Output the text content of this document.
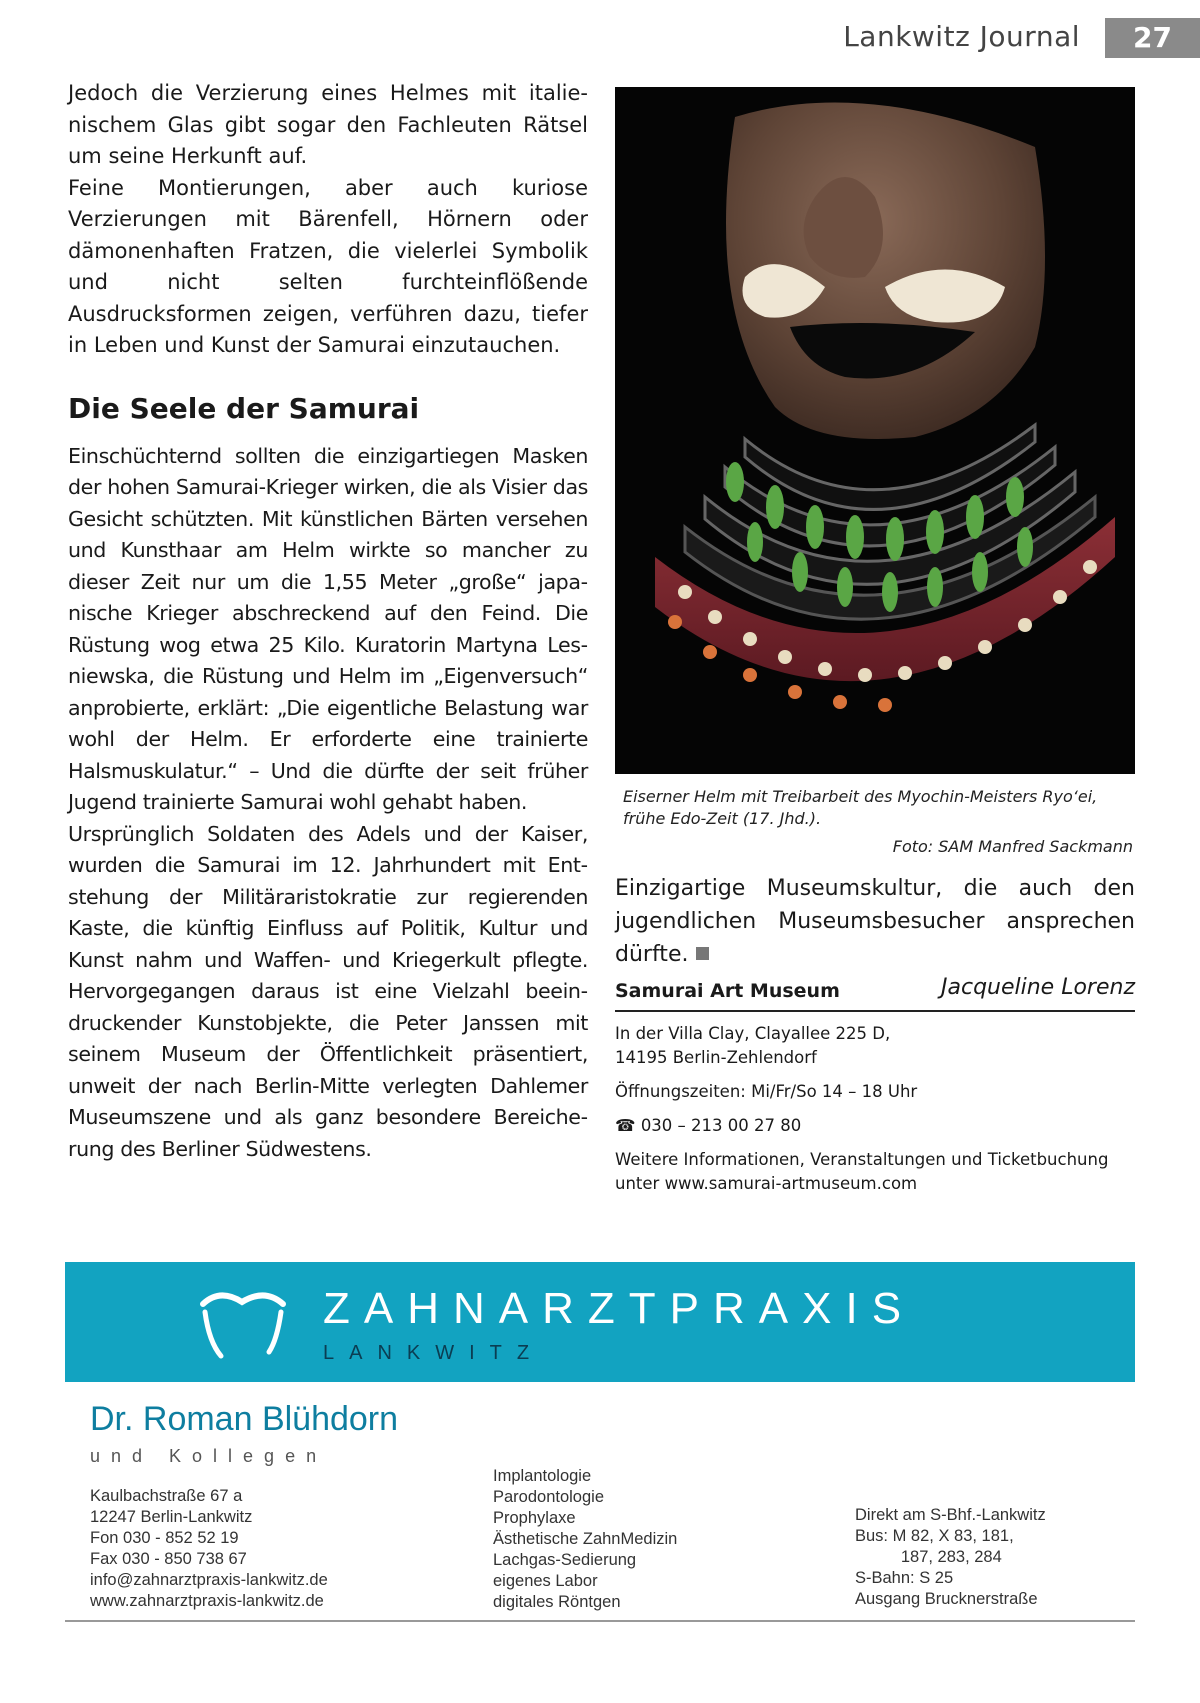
Lankwitz Journal	27

Jedoch die Verzierung eines Helmes mit italienischem Glas gibt sogar den Fachleuten Rätsel um seine Herkunft auf.

Feine Montierungen, aber auch kuriose Verzierungen mit Bärenfell, Hörnern oder dämonenhaften Fratzen, die vielerlei Symbolik und nicht selten furchteinflößende Ausdrucksformen zeigen, verführen dazu, tiefer in Leben und Kunst der Samurai einzutauchen.

Die Seele der Samurai

Einschüchternd sollten die einzigartiegen Masken der hohen Samurai-Krieger wirken, die als Visier das Gesicht schützten. Mit künstlichen Bärten versehen und Kunsthaar am Helm wirkte so mancher zu dieser Zeit nur um die 1,55 Meter „große“ japanische Krieger abschreckend auf den Feind. Die Rüstung wog etwa 25 Kilo. Kuratorin Martyna Lesniewska, die Rüstung und Helm im „Eigenversuch“ anprobierte, erklärt: „Die eigentliche Belastung war wohl der Helm. Er erforderte eine trainierte Halsmuskulatur.“ – Und die dürfte der seit früher Jugend trainierte Samurai wohl gehabt haben.

Ursprünglich Soldaten des Adels und der Kaiser, wurden die Samurai im 12. Jahrhundert mit Entstehung der Militäraristokratie zur regierenden Kaste, die künftig Einfluss auf Politik, Kultur und Kunst nahm und Waffen- und Kriegerkult pflegte. Hervorgegangen daraus ist eine Vielzahl beeindruckender Kunstobjekte, die Peter Janssen mit seinem Museum der Öffentlichkeit präsentiert, unweit der nach Berlin-Mitte verlegten Dahlemer Museumszene und als ganz besondere Bereicherung des Berliner Südwestens.

Eiserner Helm mit Treibarbeit des Myochin-Meisters Ryo‘ei, frühe Edo-Zeit (17. Jhd.).
Foto: SAM Manfred Sackmann

Einzigartige Museumskultur, die auch den jugendlichen Museumsbesucher ansprechen dürfte.

Jacqueline Lorenz

Samurai Art Museum
In der Villa Clay, Clayallee 225 D,
14195 Berlin-Zehlendorf
Öffnungszeiten: Mi/Fr/So 14 – 18 Uhr
☎ 030 – 213 00 27 80
Weitere Informationen, Veranstaltungen und Ticketbuchung
unter www.samurai-artmuseum.com
ZAHNARZTPRAXIS
LANKWITZ
Dr. Roman Blühdorn
und Kollegen
Kaulbachstraße 67 a
12247 Berlin-Lankwitz
Fon 030 - 852 52 19
Fax 030 - 850 738 67
info@zahnarztpraxis-lankwitz.de
www.zahnarztpraxis-lankwitz.de
Implantologie
Parodontologie
Prophylaxe
Ästhetische ZahnMedizin
Lachgas-Sedierung
eigenes Labor
digitales Röntgen
Direkt am S-Bhf.-Lankwitz
Bus: M 82, X 83, 181,
187, 283, 284
S-Bahn: S 25
Ausgang Brucknerstraße
